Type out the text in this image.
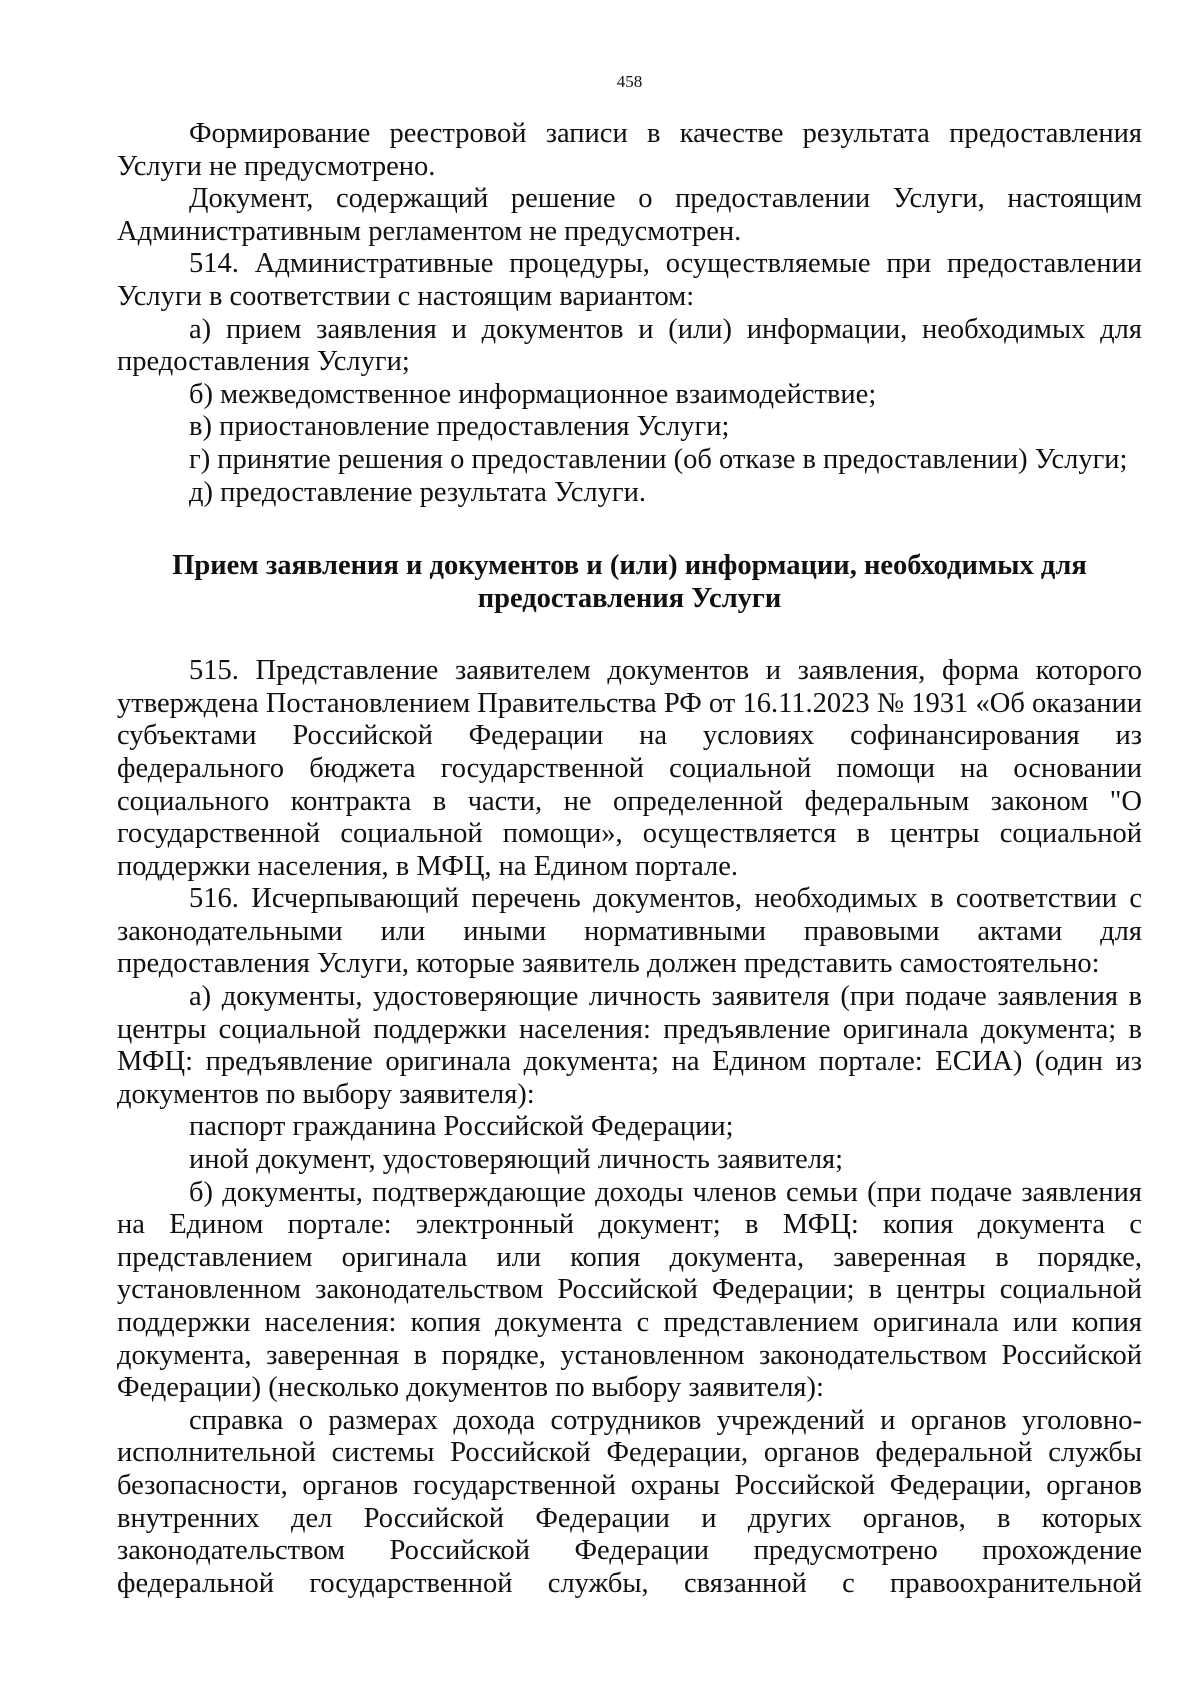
458

Формирование реестровой записи в качестве результата предоставления Услуги не предусмотрено.

Документ, содержащий решение о предоставлении Услуги, настоящим Административным регламентом не предусмотрен.

514. Административные процедуры, осуществляемые при предоставлении Услуги в соответствии с настоящим вариантом:

а) прием заявления и документов и (или) информации, необходимых для предоставления Услуги;

б) межведомственное информационное взаимодействие;

в) приостановление предоставления Услуги;

г) принятие решения о предоставлении (об отказе в предоставлении) Услуги;

д) предоставление результата Услуги.

Прием заявления и документов и (или) информации, необходимых для
предоставления Услуги

515. Представление заявителем документов и заявления, форма которого утверждена Постановлением Правительства РФ от 16.11.2023 № 1931 «Об оказании субъектами Российской Федерации на условиях софинансирования из федерального бюджета государственной социальной помощи на основании социального контракта в части, не определенной федеральным законом "О государственной социальной помощи», осуществляется в центры социальной поддержки населения, в МФЦ, на Едином портале.

516. Исчерпывающий перечень документов, необходимых в соответствии с законодательными или иными нормативными правовыми актами для предоставления Услуги, которые заявитель должен представить самостоятельно:

а) документы, удостоверяющие личность заявителя (при подаче заявления в центры социальной поддержки населения: предъявление оригинала документа; в МФЦ: предъявление оригинала документа; на Едином портале: ЕСИА) (один из документов по выбору заявителя):

паспорт гражданина Российской Федерации;

иной документ, удостоверяющий личность заявителя;

б) документы, подтверждающие доходы членов семьи (при подаче заявления на Едином портале: электронный документ; в МФЦ: копия документа с представлением оригинала или копия документа, заверенная в порядке, установленном законодательством Российской Федерации; в центры социальной поддержки населения: копия документа с представлением оригинала или копия документа, заверенная в порядке, установленном законодательством Российской Федерации) (несколько документов по выбору заявителя):

справка о размерах дохода сотрудников учреждений и органов уголовно-исполнительной системы Российской Федерации, органов федеральной службы безопасности, органов государственной охраны Российской Федерации, органов внутренних дел Российской Федерации и других органов, в которых законодательством Российской Федерации предусмотрено прохождение федеральной государственной службы, связанной с правоохранительной
